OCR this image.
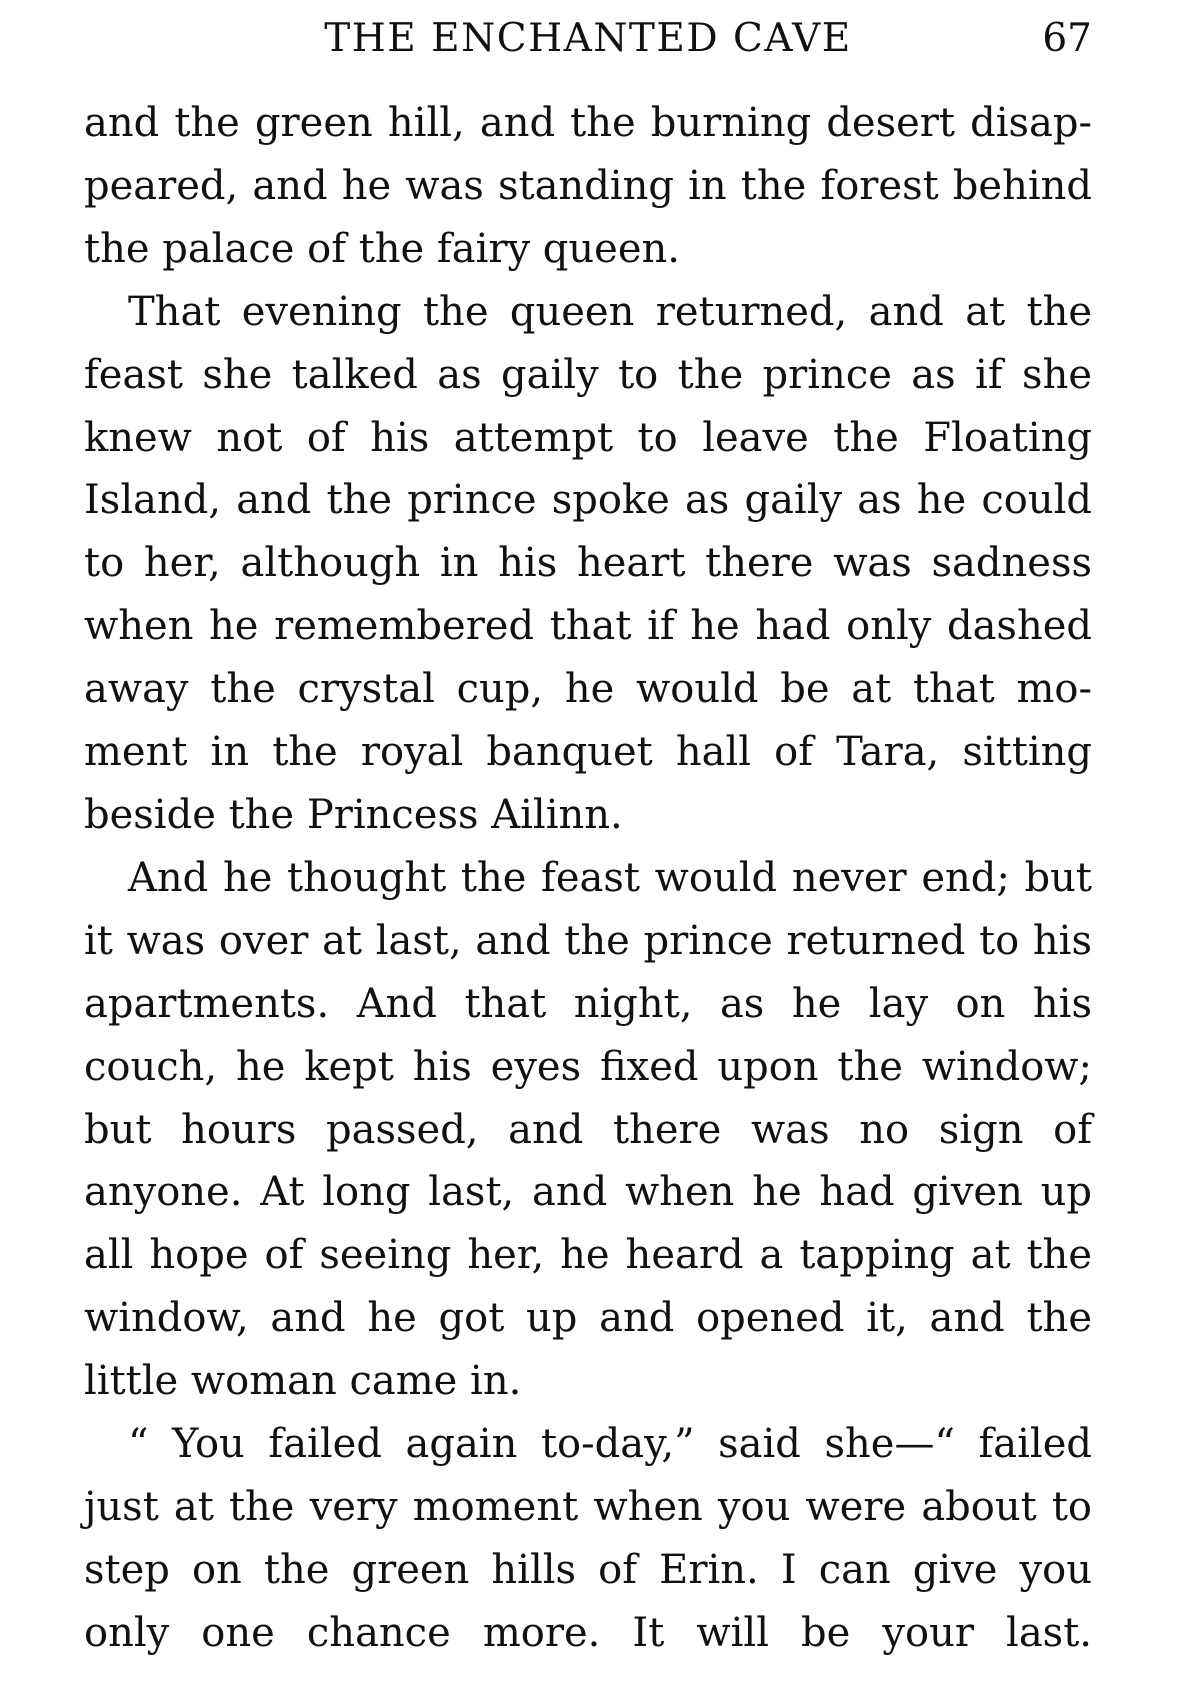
THE ENCHANTED CAVE	67

and the green hill, and the burning desert disappeared, and he was standing in the forest behind the palace of the fairy queen.

That evening the queen returned, and at the feast she talked as gaily to the prince as if she knew not of his attempt to leave the Floating Island, and the prince spoke as gaily as he could to her, although in his heart there was sadness when he remembered that if he had only dashed away the crystal cup, he would be at that moment in the royal banquet hall of Tara, sitting beside the Princess Ailinn.

And he thought the feast would never end; but it was over at last, and the prince returned to his apartments. And that night, as he lay on his couch, he kept his eyes fixed upon the window; but hours passed, and there was no sign of anyone. At long last, and when he had given up all hope of seeing her, he heard a tapping at the window, and he got up and opened it, and the little woman came in.

“ You failed again to-day,” said she—“ failed just at the very moment when you were about to step on the green hills of Erin. I can give you only one chance more. It will be your last.
